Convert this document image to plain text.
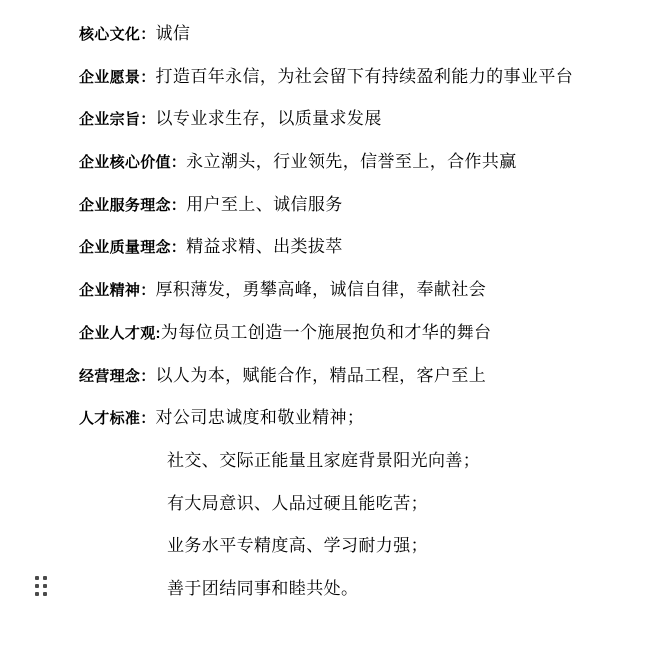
核心文化：诚信
企业愿景：打造百年永信，为社会留下有持续盈利能力的事业平台
企业宗旨：以专业求生存，以质量求发展
企业核心价值：永立潮头，行业领先，信誉至上，合作共赢
企业服务理念：用户至上、诚信服务
企业质量理念：精益求精、出类拔萃
企业精神：厚积薄发，勇攀高峰，诚信自律，奉献社会
企业人才观:为每位员工创造一个施展抱负和才华的舞台
经营理念：以人为本，赋能合作，精品工程，客户至上
人才标准：对公司忠诚度和敬业精神；
社交、交际正能量且家庭背景阳光向善；
有大局意识、人品过硬且能吃苦；
业务水平专精度高、学习耐力强；
善于团结同事和睦共处。
